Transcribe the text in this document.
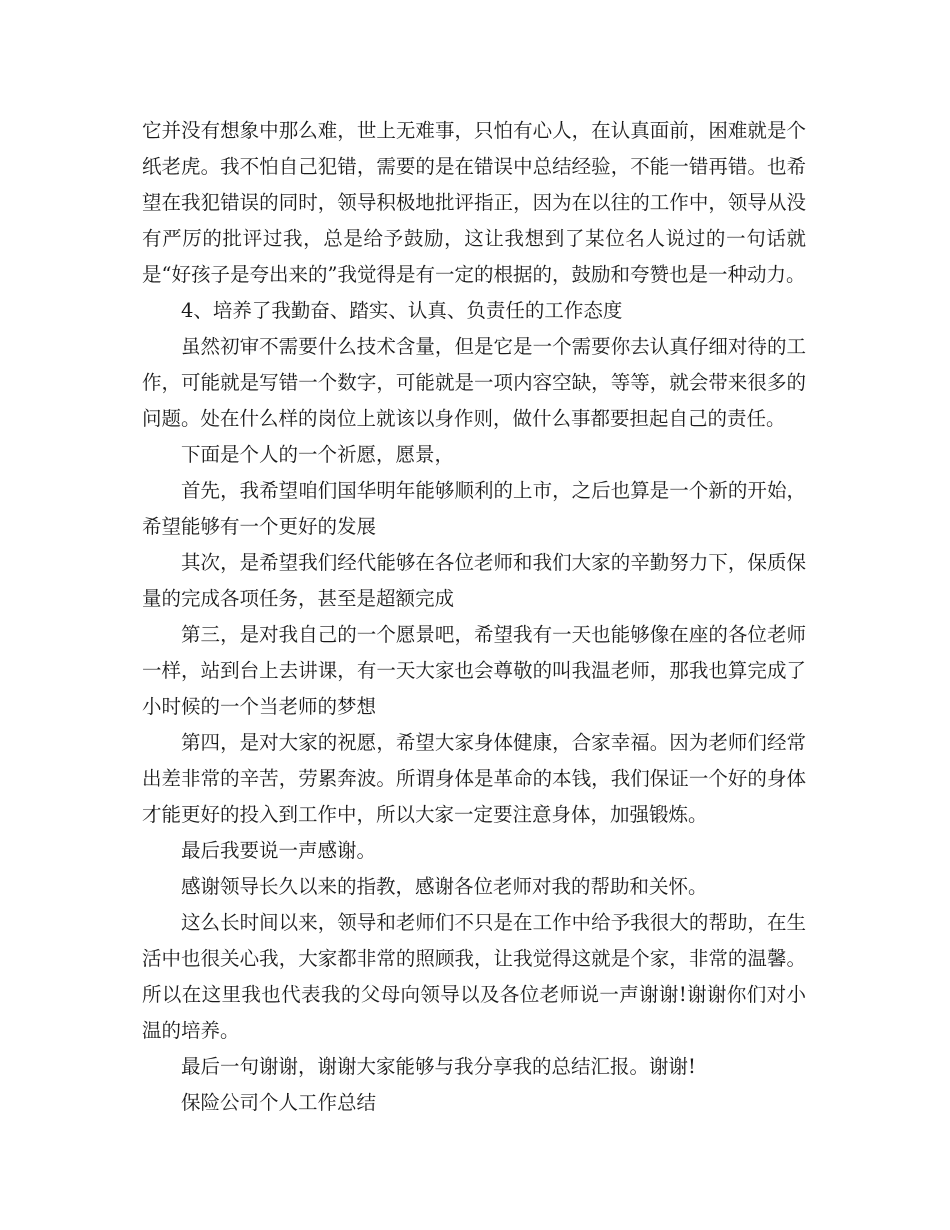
它并没有想象中那么难，世上无难事，只怕有心人，在认真面前，困难就是个纸老虎。我不怕自己犯错，需要的是在错误中总结经验，不能一错再错。也希望在我犯错误的同时，领导积极地批评指正，因为在以往的工作中，领导从没有严厉的批评过我，总是给予鼓励，这让我想到了某位名人说过的一句话就是“好孩子是夸出来的”我觉得是有一定的根据的，鼓励和夸赞也是一种动力。

4、培养了我勤奋、踏实、认真、负责任的工作态度

虽然初审不需要什么技术含量，但是它是一个需要你去认真仔细对待的工作，可能就是写错一个数字，可能就是一项内容空缺，等等，就会带来很多的问题。处在什么样的岗位上就该以身作则，做什么事都要担起自己的责任。

下面是个人的一个祈愿，愿景，

首先，我希望咱们国华明年能够顺利的上市，之后也算是一个新的开始，希望能够有一个更好的发展

其次，是希望我们经代能够在各位老师和我们大家的辛勤努力下，保质保量的完成各项任务，甚至是超额完成

第三，是对我自己的一个愿景吧，希望我有一天也能够像在座的各位老师一样，站到台上去讲课，有一天大家也会尊敬的叫我温老师，那我也算完成了小时候的一个当老师的梦想

第四，是对大家的祝愿，希望大家身体健康，合家幸福。因为老师们经常出差非常的辛苦，劳累奔波。所谓身体是革命的本钱，我们保证一个好的身体才能更好的投入到工作中，所以大家一定要注意身体，加强锻炼。

最后我要说一声感谢。

感谢领导长久以来的指教，感谢各位老师对我的帮助和关怀。

这么长时间以来，领导和老师们不只是在工作中给予我很大的帮助，在生活中也很关心我，大家都非常的照顾我，让我觉得这就是个家，非常的温馨。所以在这里我也代表我的父母向领导以及各位老师说一声谢谢!谢谢你们对小温的培养。

最后一句谢谢，谢谢大家能够与我分享我的总结汇报。谢谢!

保险公司个人工作总结
